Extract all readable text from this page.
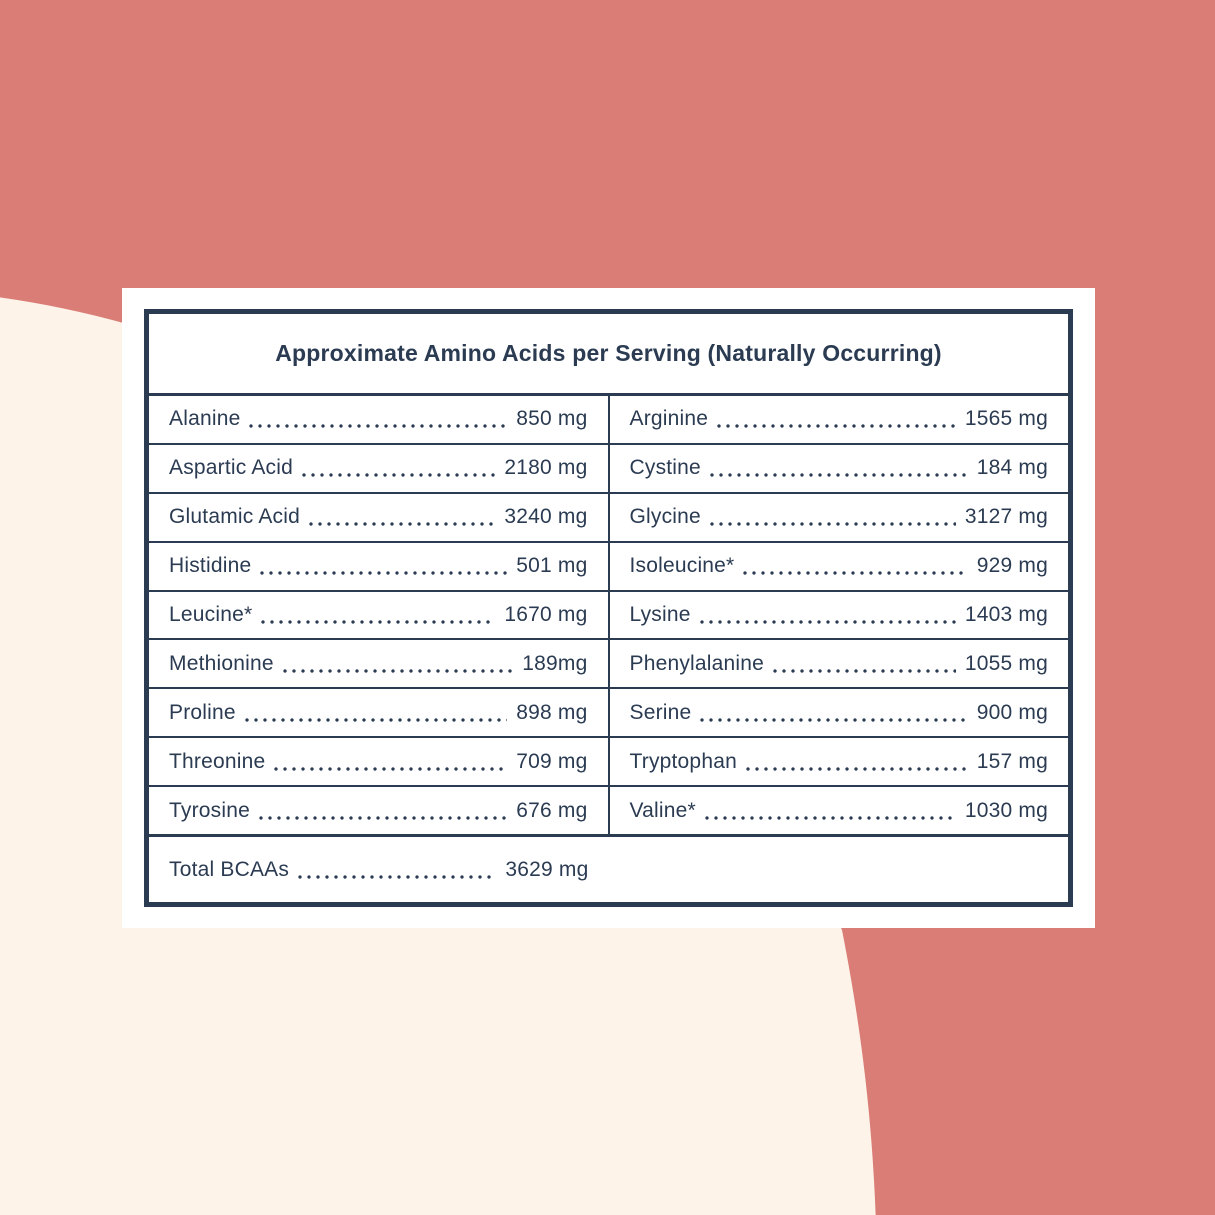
Approximate Amino Acids per Serving (Naturally Occurring)
Alanine	850 mg Arginine	1565 mg
Aspartic Acid	2180 mg Cystine	184 mg
Glutamic Acid	3240 mg Glycine	3127 mg
Histidine	501 mg Isoleucine*	929 mg
Leucine*	1670 mg Lysine	1403 mg
Methionine	189mg Phenylalanine	1055 mg
Proline	898 mg Serine	900 mg
Threonine	709 mg Tryptophan	157 mg
Tyrosine	676 mg Valine*	1030 mg
Total BCAAs	3629 mg
